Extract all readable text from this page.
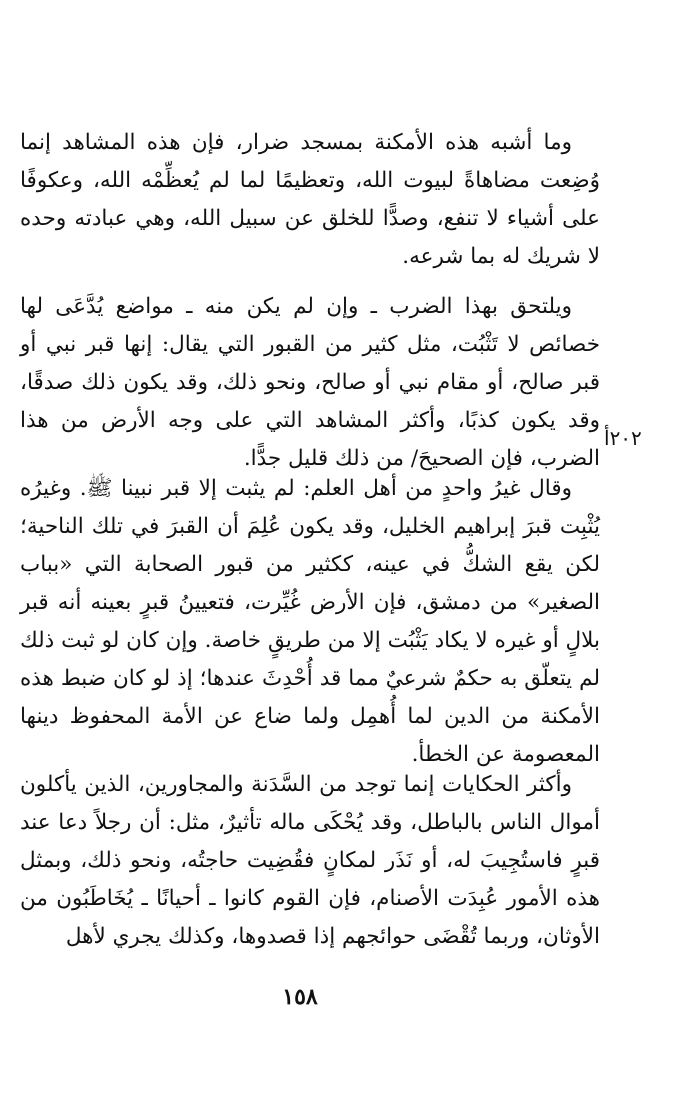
وما أشبه هذه الأمكنة بمسجد ضرار، فإن هذه المشاهد إنما وُضِعت مضاهاةً لبيوت الله، وتعظيمًا لما لم يُعظِّمْه الله، وعكوفًا على أشياء لا تنفع، وصدًّا للخلق عن سبيل الله، وهي عبادته وحده لا شريك له بما شرعه.

ويلتحق بهذا الضرب ـ وإن لم يكن منه ـ مواضع يُدَّعَى لها خصائص لا تَثْبُت، مثل كثير من القبور التي يقال: إنها قبر نبي أو قبر صالح، أو مقام نبي أو صالح، ونحو ذلك، وقد يكون ذلك صدقًا، وقد يكون كذبًا، وأكثر المشاهد التي على وجه الأرض من هذا الضرب، فإن الصحيحَ/ من ذلك قليل جدًّا.

وقال غيرُ واحدٍ من أهل العلم: لم يثبت إلا قبر نبينا ﷺ. وغيرُه يُثْبِت قبرَ إبراهيم الخليل، وقد يكون عُلِمَ أن القبرَ في تلك الناحية؛ لكن يقع الشكُّ في عينه، ككثير من قبور الصحابة التي «بباب الصغير» من دمشق، فإن الأرض غُيِّرت، فتعيينُ قبرٍ بعينه أنه قبر بلالٍ أو غيره لا يكاد يَثْبُت إلا من طريقٍ خاصة. وإن كان لو ثبت ذلك لم يتعلّق به حكمٌ شرعيٌ مما قد أُحْدِثَ عندها؛ إذ لو كان ضبط هذه الأمكنة من الدين لما أُهمِل ولما ضاع عن الأمة المحفوظ دينها المعصومة عن الخطأ.

وأكثر الحكايات إنما توجد من السَّدَنة والمجاورين، الذين يأكلون أموال الناس بالباطل، وقد يُحْكَى ماله تأثيرٌ، مثل: أن رجلاً دعا عند قبرٍ فاستُجِيبَ له، أو نَذَر لمكانٍ فقُضِيت حاجتُه، ونحو ذلك، وبمثل هذه الأمور عُبِدَت الأصنام، فإن القوم كانوا ـ أحيانًا ـ يُخَاطَبُون من الأوثان، وربما تُقْضَى حوائجهم إذا قصدوها، وكذلك يجري لأهل

٢٠٢أ
١٥٨
